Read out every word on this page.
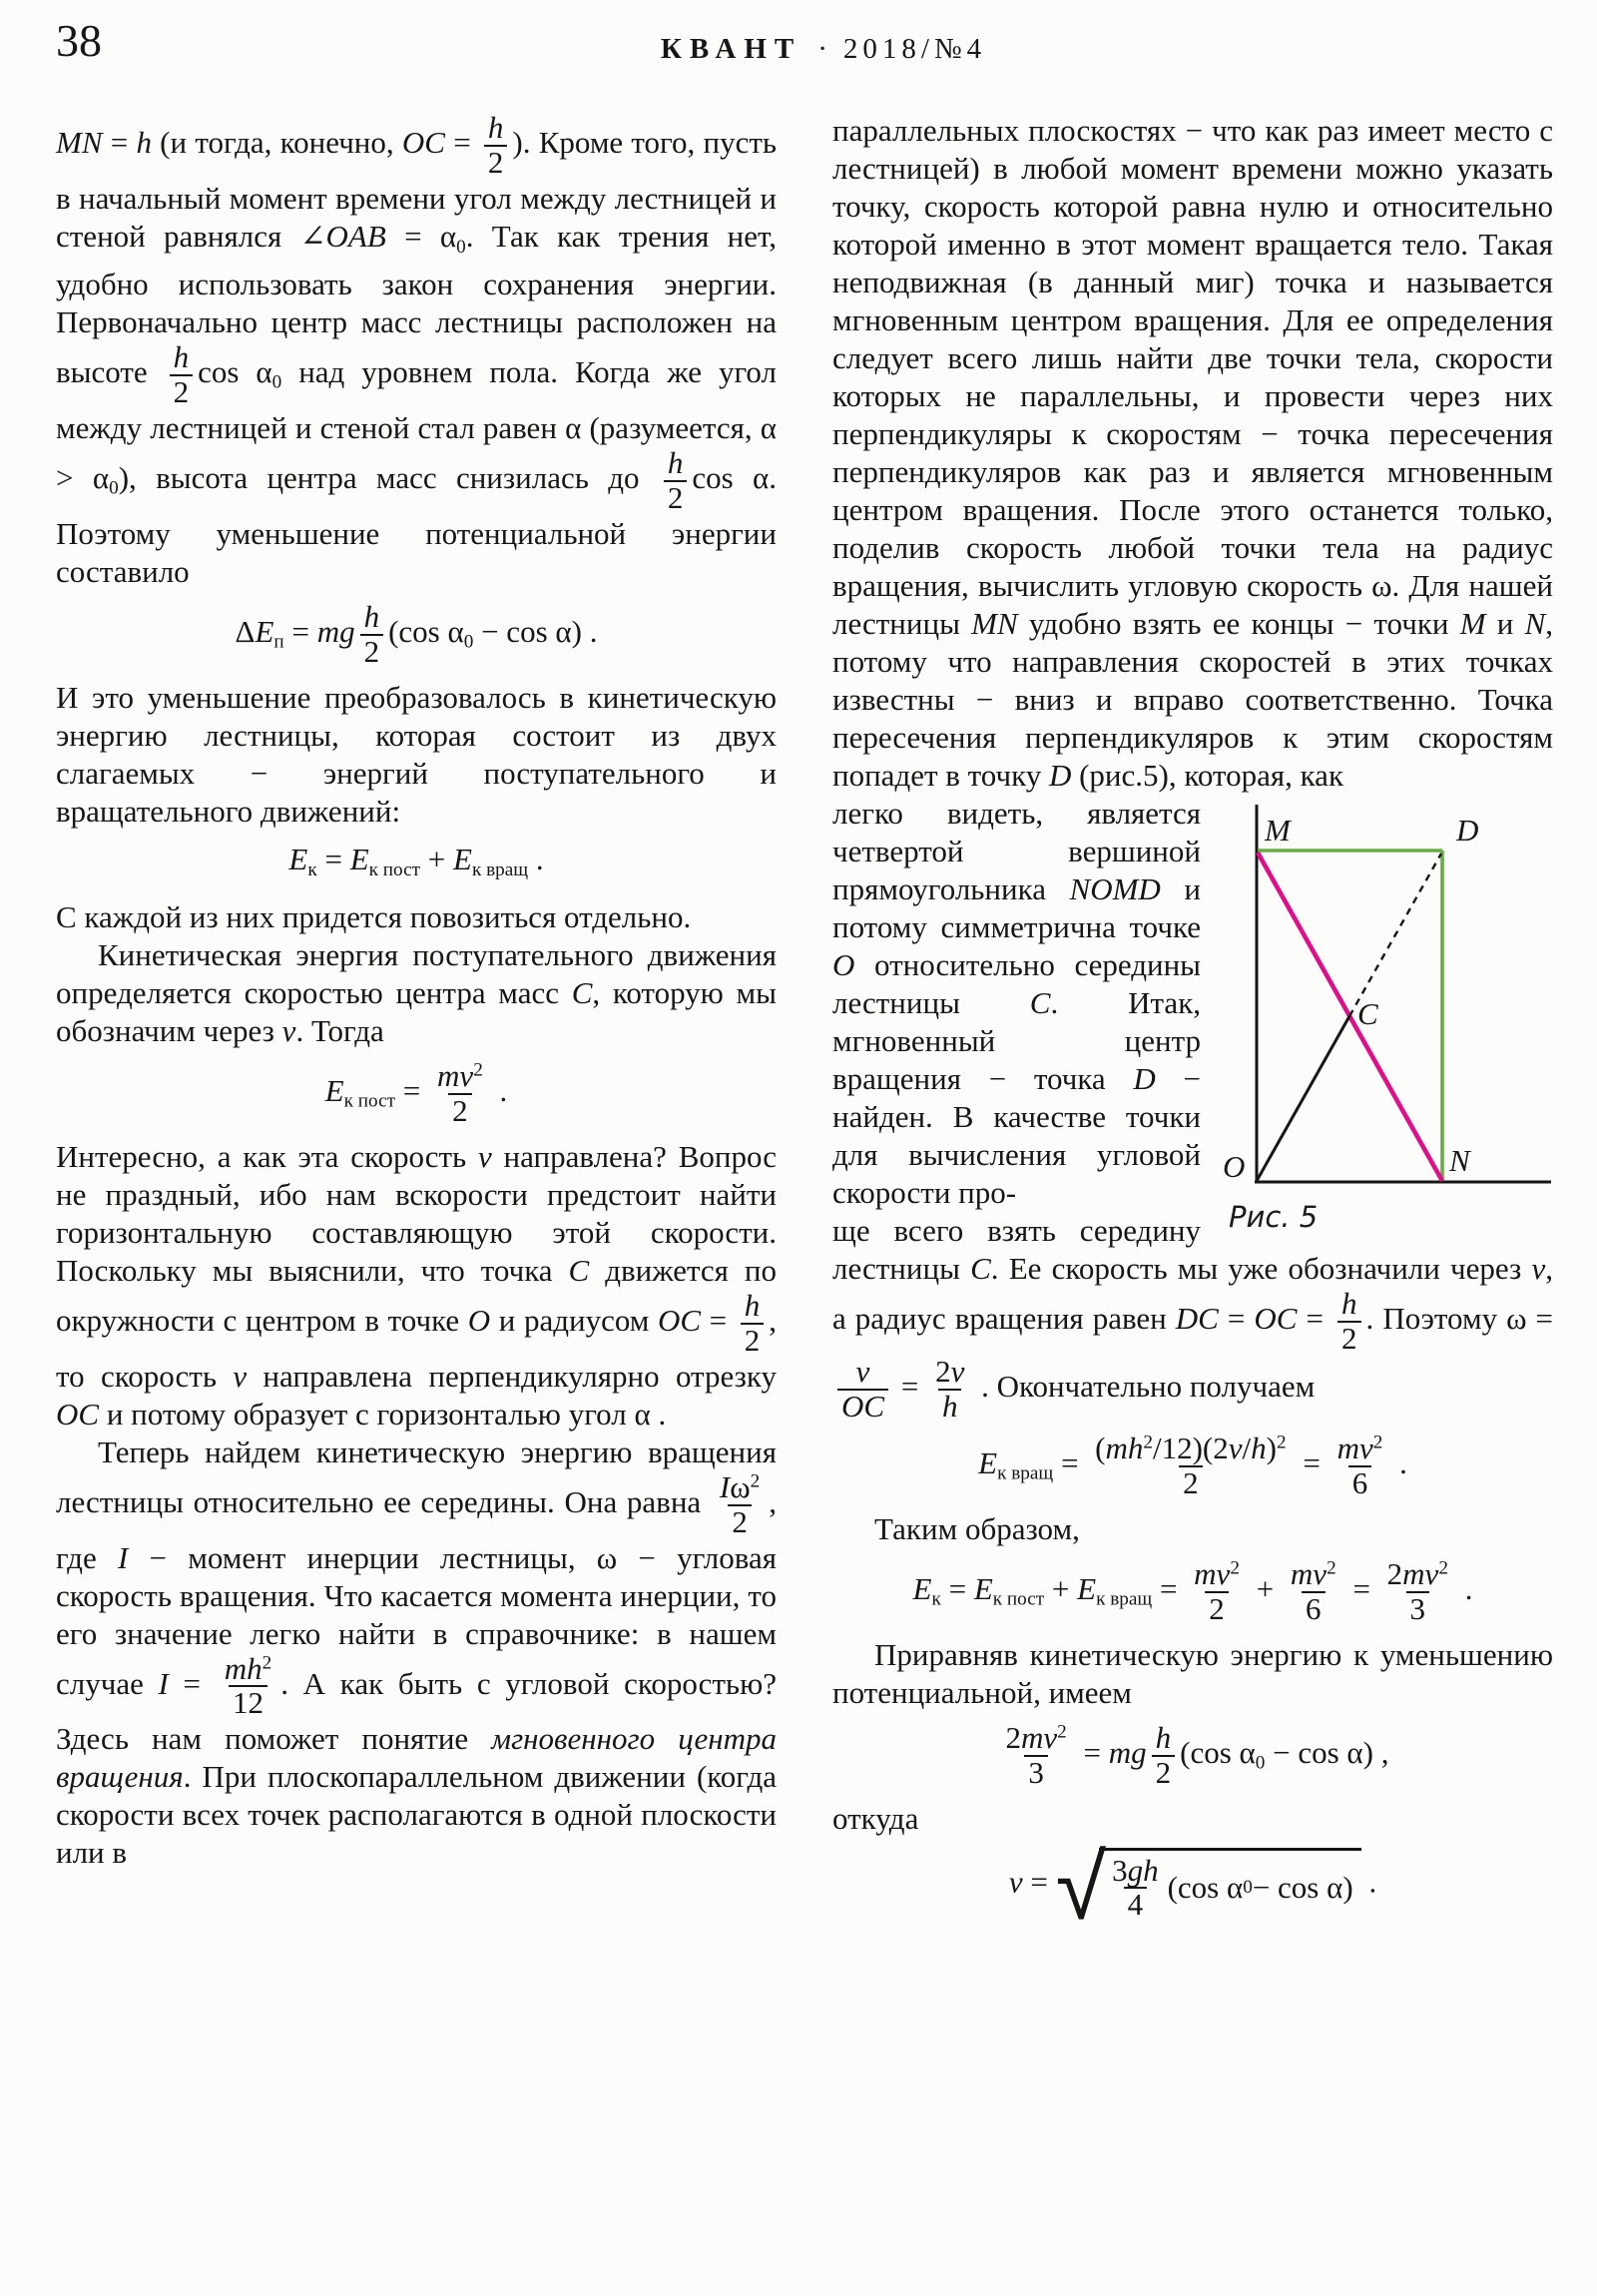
38	КВАНТ · 2018/№4

MN = h (и тогда, конечно, OC = $\frac{h}{2}$ ). Кроме того, пусть в начальный момент времени угол между лестницей и стеной равнялся ∠OAB = α0. Так как трения нет, удобно использовать закон сохранения энергии. Первоначально центр масс лестницы расположен на высоте $\frac{h}{2}$ cos α0 над уровнем пола. Когда же угол между лестницей и стеной стал равен α (разумеется, α > α0), высота центра масс снизилась до $\frac{h}{2}$ cos α. Поэтому уменьшение потенциальной энергии составило

ΔEп = mg $\frac{h}{2} (\cos$ α0 − cos α) .

И это уменьшение преобразовалось в кинетическую энергию лестницы, которая состоит из двух слагаемых − энергий поступательного и вращательного движений:

Eк = Eк пост + Eк вращ .

С каждой из них придется повозиться отдельно.

Кинетическая энергия поступательного движения определяется скоростью центра масс C, которую мы обозначим через v. Тогда

Eк пост = $\frac{mv^2}{2}$ .

Интересно, а как эта скорость v направлена? Вопрос не праздный, ибо нам вскорости предстоит найти горизонтальную составляющую этой скорости. Поскольку мы выяснили, что точка C движется по окружности с центром в точке O и радиусом OC = $\frac{h}{2}$ , то скорость v направлена перпендикулярно отрезку OC и потому образует с горизонталью угол α .

Теперь найдем кинетическую энергию вращения лестницы относительно ее середины. Она равна $\frac{I\omega^2}{2}$ , где I − момент инерции лестницы, ω − угловая скорость вращения. Что касается момента инерции, то его значение легко найти в справочнике: в нашем случае $I = \frac{mh^2}{12}$ . А как быть с угловой скоростью? Здесь нам поможет понятие мгновенного центра вращения. При плоскопараллельном движении (когда скорости всех точек располагаются в одной плоскости или в

параллельных плоскостях − что как раз имеет место с лестницей) в любой момент времени можно указать точку, скорость которой равна нулю и относительно которой именно в этот момент вращается тело. Такая неподвижная (в данный миг) точка и называется мгновенным центром вращения. Для ее определения следует всего лишь найти две точки тела, скорости которых не параллельны, и провести через них перпендикуляры к скоростям − точка пересечения перпендикуляров как раз и является мгновенным центром вращения. После этого останется только, поделив скорость любой точки тела на радиус вращения, вычислить угловую скорость ω. Для нашей лестницы MN удобно взять ее концы − точки M и N, потому что направления скоростей в этих точках известны − вниз и вправо соответственно. Точка пересечения перпендикуляров к этим скоростям попадет в точку D (рис.5), которая, как

M	D
C
O	N
Рис. 5

легко видеть, является четвертой вершиной прямоугольника NOMD и потому симметрична точке O относительно середины лестницы C. Итак, мгновенный центр вращения − точка D − найден. В качестве точки для вычисления угловой скорости про-

ще всего взять середину лестницы C. Ее скорость мы уже обозначили через v, а радиус вращения равен DC = OC = $\frac{h}{2}$ . Поэтому ω =
$\frac{v}{OC} = \frac{2v}{h}$ . Окончательно получаем

Eк вращ = $\frac{(mh^2/12)(2v/h)^2}{2} = \frac{mv^2}{6}$ .

Таким образом,

Eк = Eк пост + Eк вращ = $\frac{mv^2}{2} + \frac{mv^2}{6} = \frac{2mv^2}{3}$ .

Приравняв кинетическую энергию к уменьшению потенциальной, имеем

$\frac{2mv^2}{3}$ = mg $\frac{h}{2} (\cos$ α0 − cos α) ,

откуда

v = √ $\frac{3gh}{4} (\cos$ α 0 − cos α) .
